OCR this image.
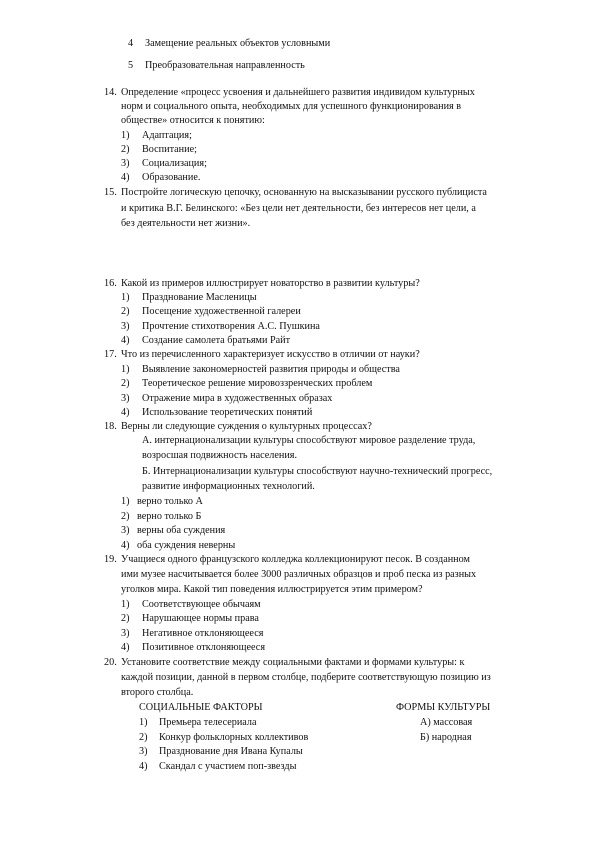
4 Замещение реальных объектов условными
5 Преобразовательная направленность
14. Определение «процесс усвоения и дальнейшего развития индивидом культурных
норм и социального опыта, необходимых для успешного функционирования в
обществе» относится к понятию:
1) Адаптация;
2) Воспитание;
3) Социализация;
4) Образование.
15. Постройте логическую цепочку, основанную на высказывании русского публициста
и критика В.Г. Белинского: «Без цели нет деятельности, без интересов нет цели, а
без деятельности нет жизни».
16. Какой из примеров иллюстрирует новаторство в развитии культуры?
1) Празднование Масленицы
2) Посещение художественной галереи
3) Прочтение стихотворения А.С. Пушкина
4) Создание самолета братьями Райт
17. Что из перечисленного характеризует искусство в отличии от науки?
1) Выявление закономерностей развития природы и общества
2) Теоретическое решение мировоззренческих проблем
3) Отражение мира в художественных образах
4) Использование теоретических понятий
18. Верны ли следующие суждения о культурных процессах?
А. интернационализации культуры способствуют мировое разделение труда,
возросшая подвижность населения.
Б. Интернационализации культуры способствуют научно-технический прогресс,
развитие информационных технологий.
1) верно только А
2) верно только Б
3) верны оба суждения
4) оба суждения неверны
19. Учащиеся одного французского колледжа коллекционируют песок. В созданном
ими музее насчитывается более 3000 различных образцов и проб песка из разных
уголков мира. Какой тип поведения иллюстрируется этим примером?
1) Соответствующее обычаям
2) Нарушающее нормы права
3) Негативное отклоняющееся
4) Позитивное отклоняющееся
20. Установите соответствие между социальными фактами и формами культуры: к
каждой позиции, данной в первом столбце, подберите соответствующую позицию из
второго столбца.
СОЦИАЛЬНЫЕ ФАКТОРЫ	ФОРМЫ КУЛЬТУРЫ
1) Премьера телесериала
2) Конкур фольклорных коллективов
3) Празднование дня Ивана Купалы
4) Скандал с участием поп-звезды
А) массовая
Б) народная
